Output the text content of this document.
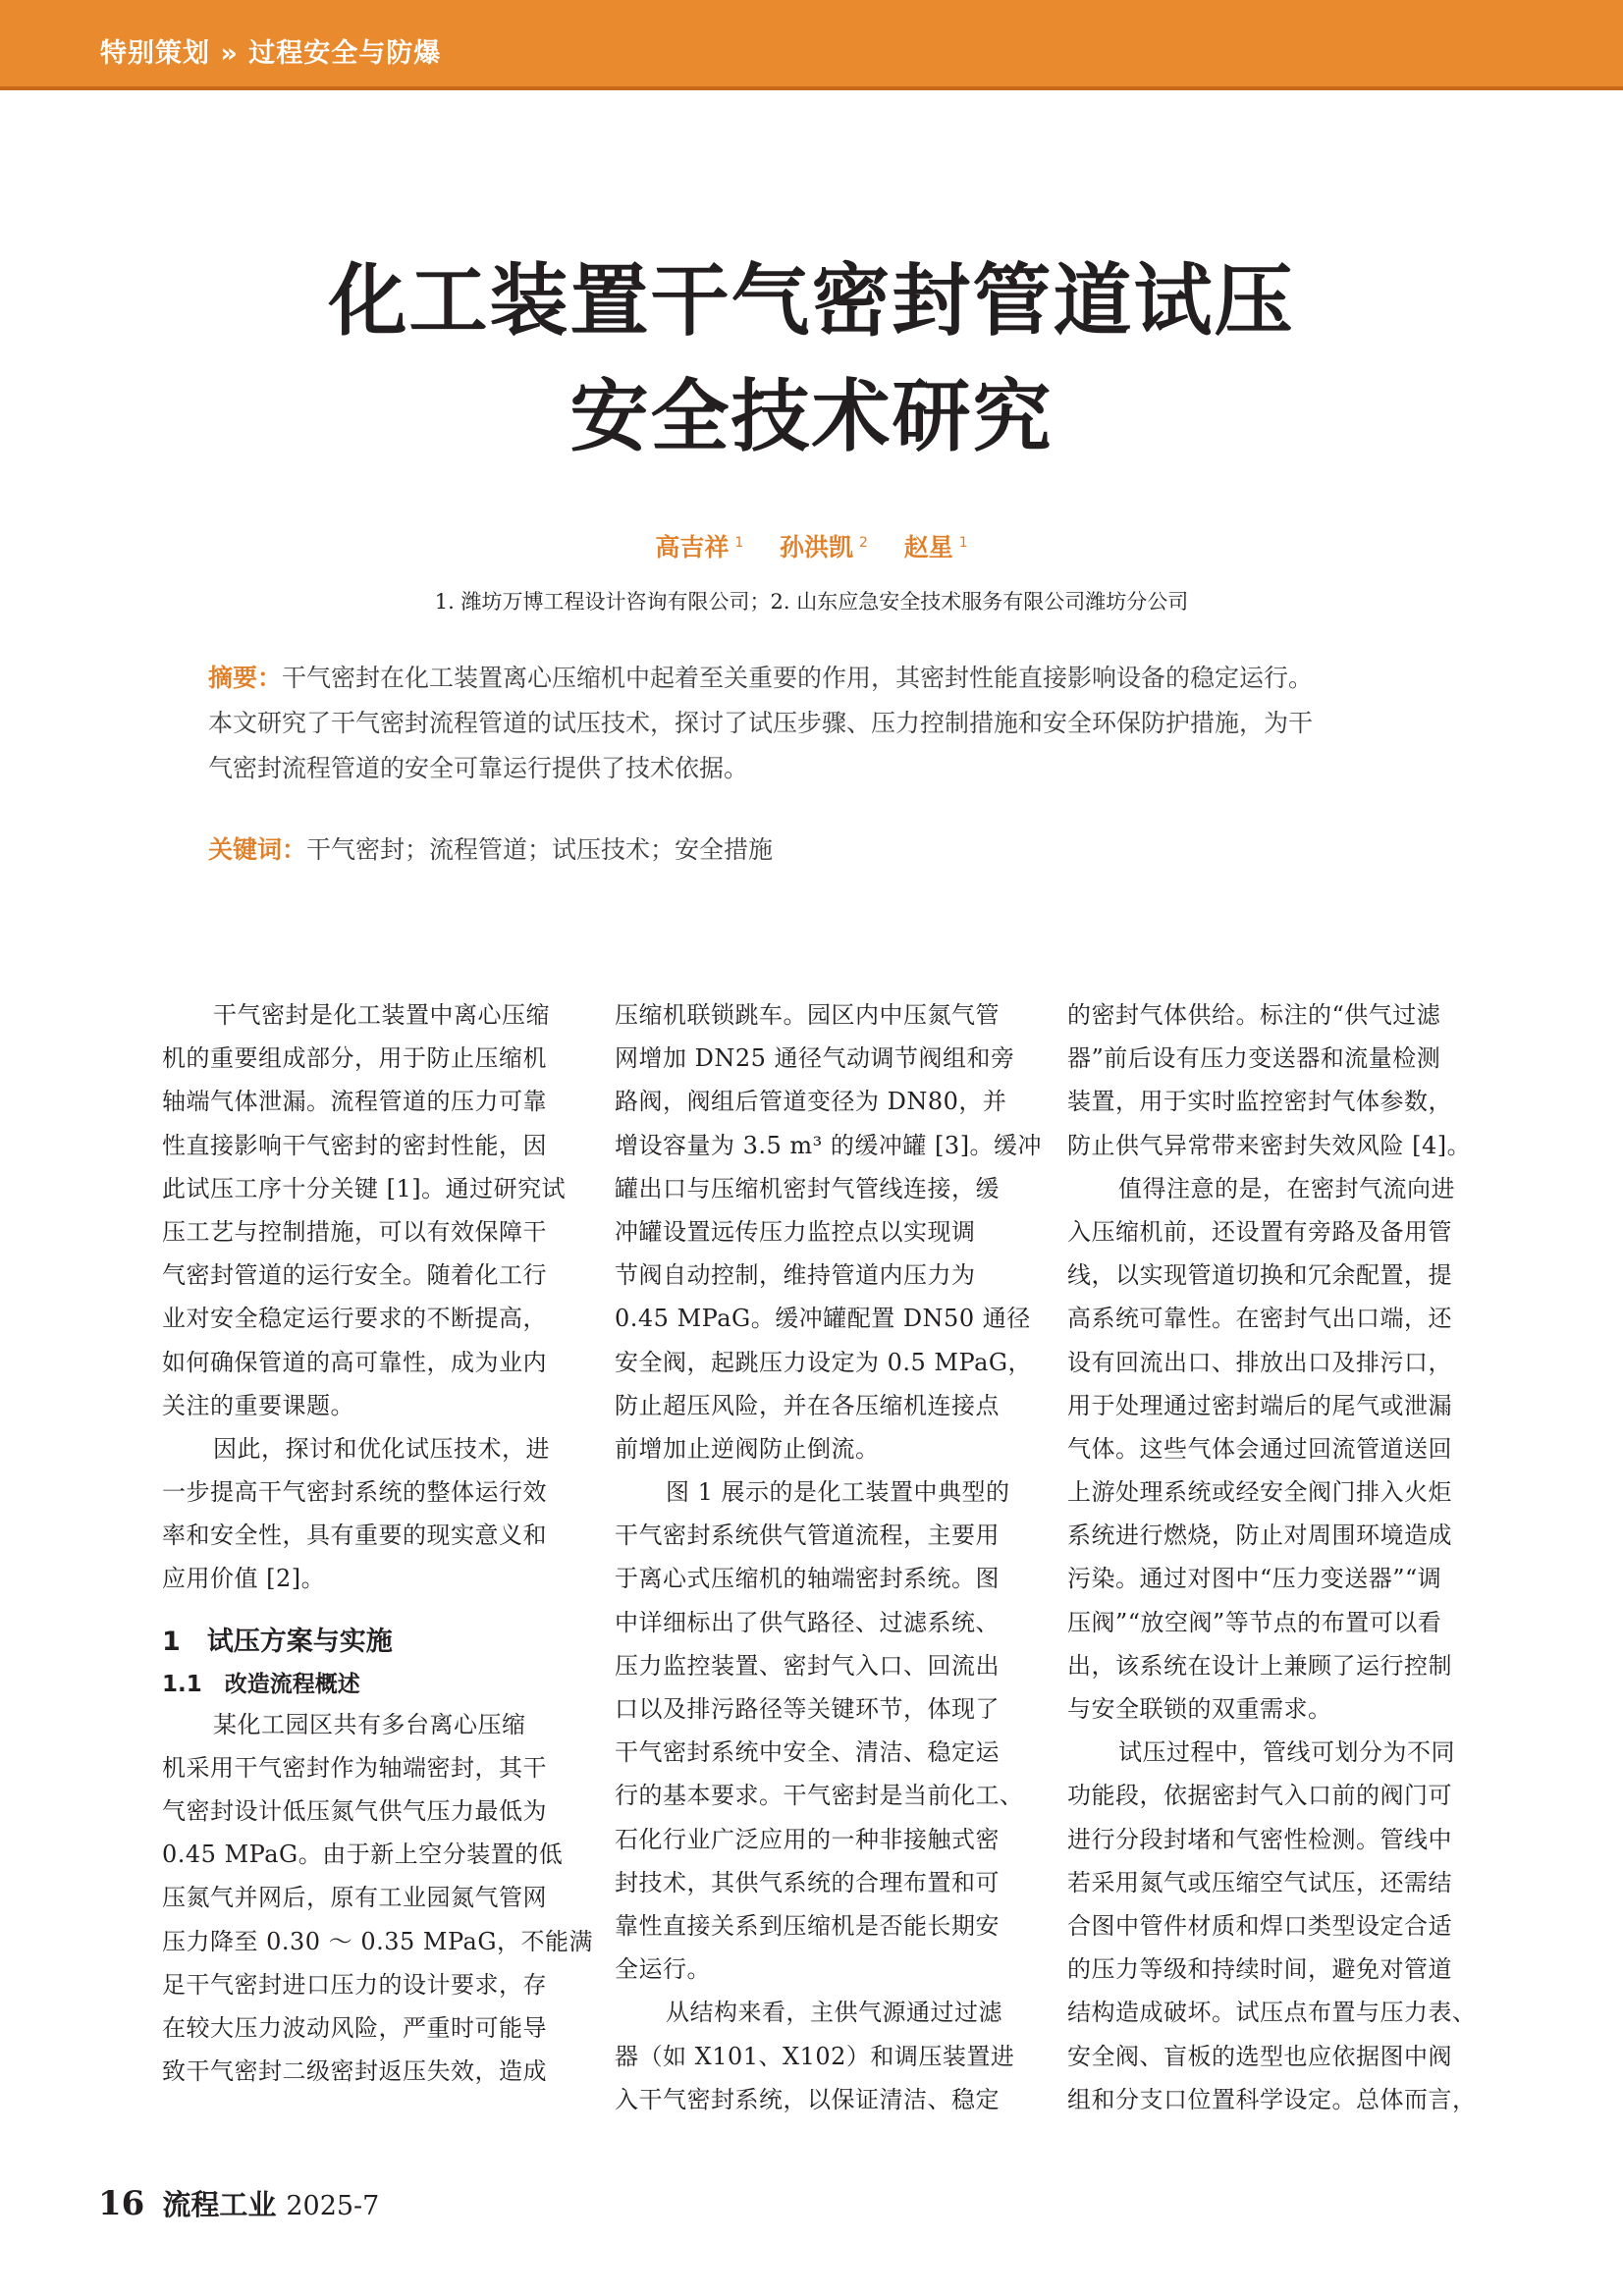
特别策划 » 过程安全与防爆
化工装置干气密封管道试压
安全技术研究
高吉祥 $^1$ 孙洪凯 $^2$ 赵星 $^1$
1. 潍坊万博工程设计咨询有限公司；2. 山东应急安全技术服务有限公司潍坊分公司
摘要：干气密封在化工装置离心压缩机中起着至关重要的作用，其密封性能直接影响设备的稳定运行。
本文研究了干气密封流程管道的试压技术，探讨了试压步骤、压力控制措施和安全环保防护措施，为干
气密封流程管道的安全可靠运行提供了技术依据。
关键词：干气密封；流程管道；试压技术；安全措施
干气密封是化工装置中离心压缩
机的重要组成部分，用于防止压缩机
轴端气体泄漏。流程管道的压力可靠
性直接影响干气密封的密封性能，因
此试压工序十分关键 [1]。通过研究试
压工艺与控制措施，可以有效保障干
气密封管道的运行安全。随着化工行
业对安全稳定运行要求的不断提高，
如何确保管道的高可靠性，成为业内
关注的重要课题。
因此，探讨和优化试压技术，进
一步提高干气密封系统的整体运行效
率和安全性，具有重要的现实意义和
应用价值 [2]。
1　试压方案与实施
1.1　改造流程概述
某化工园区共有多台离心压缩
机采用干气密封作为轴端密封，其干
气密封设计低压氮气供气压力最低为
0.45 MPaG。由于新上空分装置的低
压氮气并网后，原有工业园氮气管网
压力降至 0.30 ～ 0.35 MPaG，不能满
足干气密封进口压力的设计要求，存
在较大压力波动风险，严重时可能导
致干气密封二级密封返压失效，造成
压缩机联锁跳车。园区内中压氮气管
网增加 DN25 通径气动调节阀组和旁
路阀，阀组后管道变径为 DN80，并
增设容量为 3.5 m³ 的缓冲罐 [3]。缓冲
罐出口与压缩机密封气管线连接，缓
冲罐设置远传压力监控点以实现调
节阀自动控制，维持管道内压力为
0.45 MPaG。缓冲罐配置 DN50 通径
安全阀，起跳压力设定为 0.5 MPaG，
防止超压风险，并在各压缩机连接点
前增加止逆阀防止倒流。
图 1 展示的是化工装置中典型的
干气密封系统供气管道流程，主要用
于离心式压缩机的轴端密封系统。图
中详细标出了供气路径、过滤系统、
压力监控装置、密封气入口、回流出
口以及排污路径等关键环节，体现了
干气密封系统中安全、清洁、稳定运
行的基本要求。干气密封是当前化工、
石化行业广泛应用的一种非接触式密
封技术，其供气系统的合理布置和可
靠性直接关系到压缩机是否能长期安
全运行。
从结构来看，主供气源通过过滤
器（如 X101、X102）和调压装置进
入干气密封系统，以保证清洁、稳定
的密封气体供给。标注的“供气过滤
器”前后设有压力变送器和流量检测
装置，用于实时监控密封气体参数，
防止供气异常带来密封失效风险 [4]。
值得注意的是，在密封气流向进
入压缩机前，还设置有旁路及备用管
线，以实现管道切换和冗余配置，提
高系统可靠性。在密封气出口端，还
设有回流出口、排放出口及排污口，
用于处理通过密封端后的尾气或泄漏
气体。这些气体会通过回流管道送回
上游处理系统或经安全阀门排入火炬
系统进行燃烧，防止对周围环境造成
污染。通过对图中“压力变送器”“调
压阀”“放空阀”等节点的布置可以看
出，该系统在设计上兼顾了运行控制
与安全联锁的双重需求。
试压过程中，管线可划分为不同
功能段，依据密封气入口前的阀门可
进行分段封堵和气密性检测。管线中
若采用氮气或压缩空气试压，还需结
合图中管件材质和焊口类型设定合适
的压力等级和持续时间，避免对管道
结构造成破坏。试压点布置与压力表、
安全阀、盲板的选型也应依据图中阀
组和分支口位置科学设定。总体而言，
16 流程工业 2025-7
